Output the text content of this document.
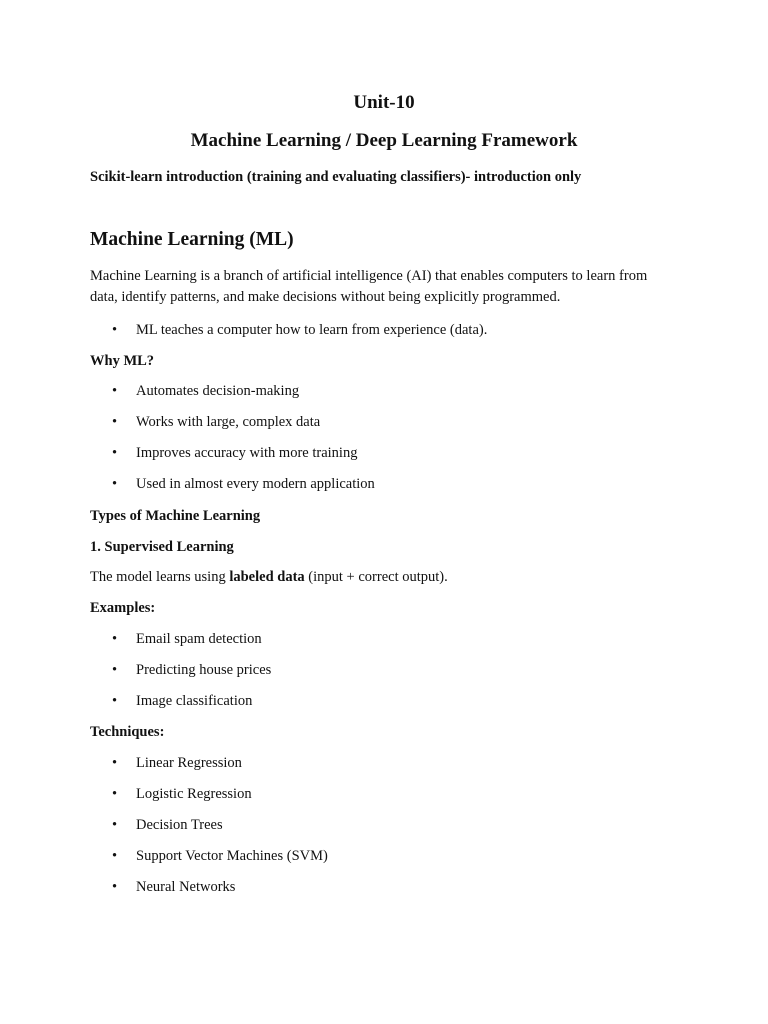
Unit-10
Machine Learning / Deep Learning Framework
Scikit-learn introduction (training and evaluating classifiers)- introduction only
Machine Learning (ML)
Machine Learning is a branch of artificial intelligence (AI) that enables computers to learn from
data, identify patterns, and make decisions without being explicitly programmed.
• ML teaches a computer how to learn from experience (data).
Why ML?
• Automates decision-making
• Works with large, complex data
• Improves accuracy with more training
• Used in almost every modern application
Types of Machine Learning
1. Supervised Learning
The model learns using labeled data (input + correct output).
Examples:
• Email spam detection
• Predicting house prices
• Image classification
Techniques:
• Linear Regression
• Logistic Regression
• Decision Trees
• Support Vector Machines (SVM)
• Neural Networks
